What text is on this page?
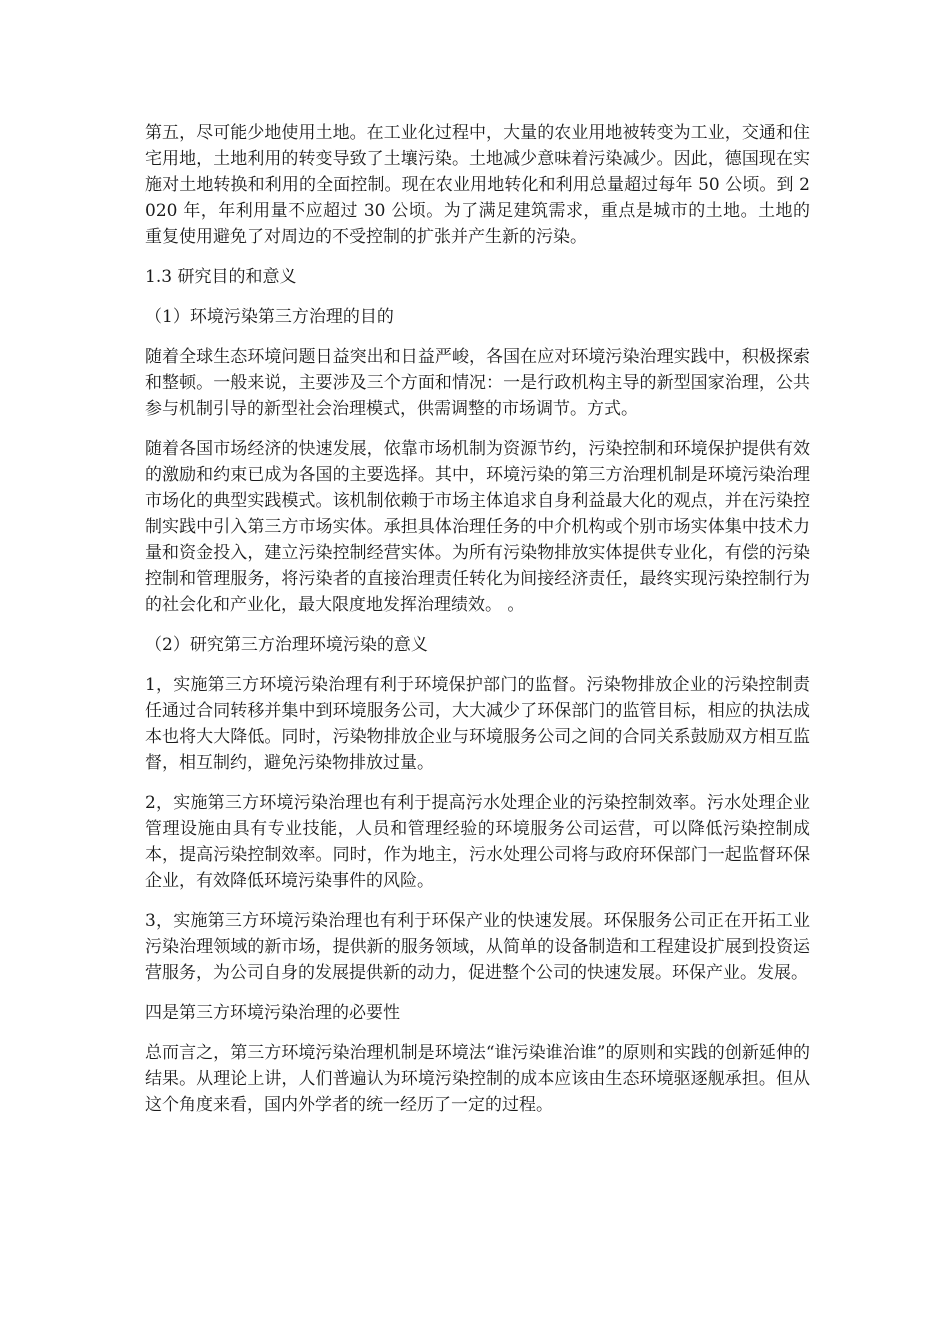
第五，尽可能少地使用土地。在工业化过程中，大量的农业用地被转变为工业，交通和住宅用地，土地利用的转变导致了土壤污染。土地减少意味着污染减少。因此，德国现在实施对土地转换和利用的全面控制。现在农业用地转化和利用总量超过每年 50 公顷。到 2020 年，年利用量不应超过 30 公顷。为了满足建筑需求，重点是城市的土地。土地的重复使用避免了对周边的不受控制的扩张并产生新的污染。

1.3 研究目的和意义

（1）环境污染第三方治理的目的

随着全球生态环境问题日益突出和日益严峻，各国在应对环境污染治理实践中，积极探索和整顿。一般来说，主要涉及三个方面和情况：一是行政机构主导的新型国家治理，公共参与机制引导的新型社会治理模式，供需调整的市场调节。方式。

随着各国市场经济的快速发展，依靠市场机制为资源节约，污染控制和环境保护提供有效的激励和约束已成为各国的主要选择。其中，环境污染的第三方治理机制是环境污染治理市场化的典型实践模式。该机制依赖于市场主体追求自身利益最大化的观点，并在污染控制实践中引入第三方市场实体。承担具体治理任务的中介机构或个别市场实体集中技术力量和资金投入，建立污染控制经营实体。为所有污染物排放实体提供专业化，有偿的污染控制和管理服务，将污染者的直接治理责任转化为间接经济责任，最终实现污染控制行为的社会化和产业化，最大限度地发挥治理绩效。 。

（2）研究第三方治理环境污染的意义

1，实施第三方环境污染治理有利于环境保护部门的监督。污染物排放企业的污染控制责任通过合同转移并集中到环境服务公司，大大减少了环保部门的监管目标，相应的执法成本也将大大降低。同时，污染物排放企业与环境服务公司之间的合同关系鼓励双方相互监督，相互制约，避免污染物排放过量。

2，实施第三方环境污染治理也有利于提高污水处理企业的污染控制效率。污水处理企业管理设施由具有专业技能，人员和管理经验的环境服务公司运营，可以降低污染控制成本，提高污染控制效率。同时，作为地主，污水处理公司将与政府环保部门一起监督环保企业，有效降低环境污染事件的风险。

3，实施第三方环境污染治理也有利于环保产业的快速发展。环保服务公司正在开拓工业污染治理领域的新市场，提供新的服务领域，从简单的设备制造和工程建设扩展到投资运营服务，为公司自身的发展提供新的动力，促进整个公司的快速发展。环保产业。发展。

四是第三方环境污染治理的必要性

总而言之，第三方环境污染治理机制是环境法“谁污染谁治谁”的原则和实践的创新延伸的结果。从理论上讲，人们普遍认为环境污染控制的成本应该由生态环境驱逐舰承担。但从这个角度来看，国内外学者的统一经历了一定的过程。
